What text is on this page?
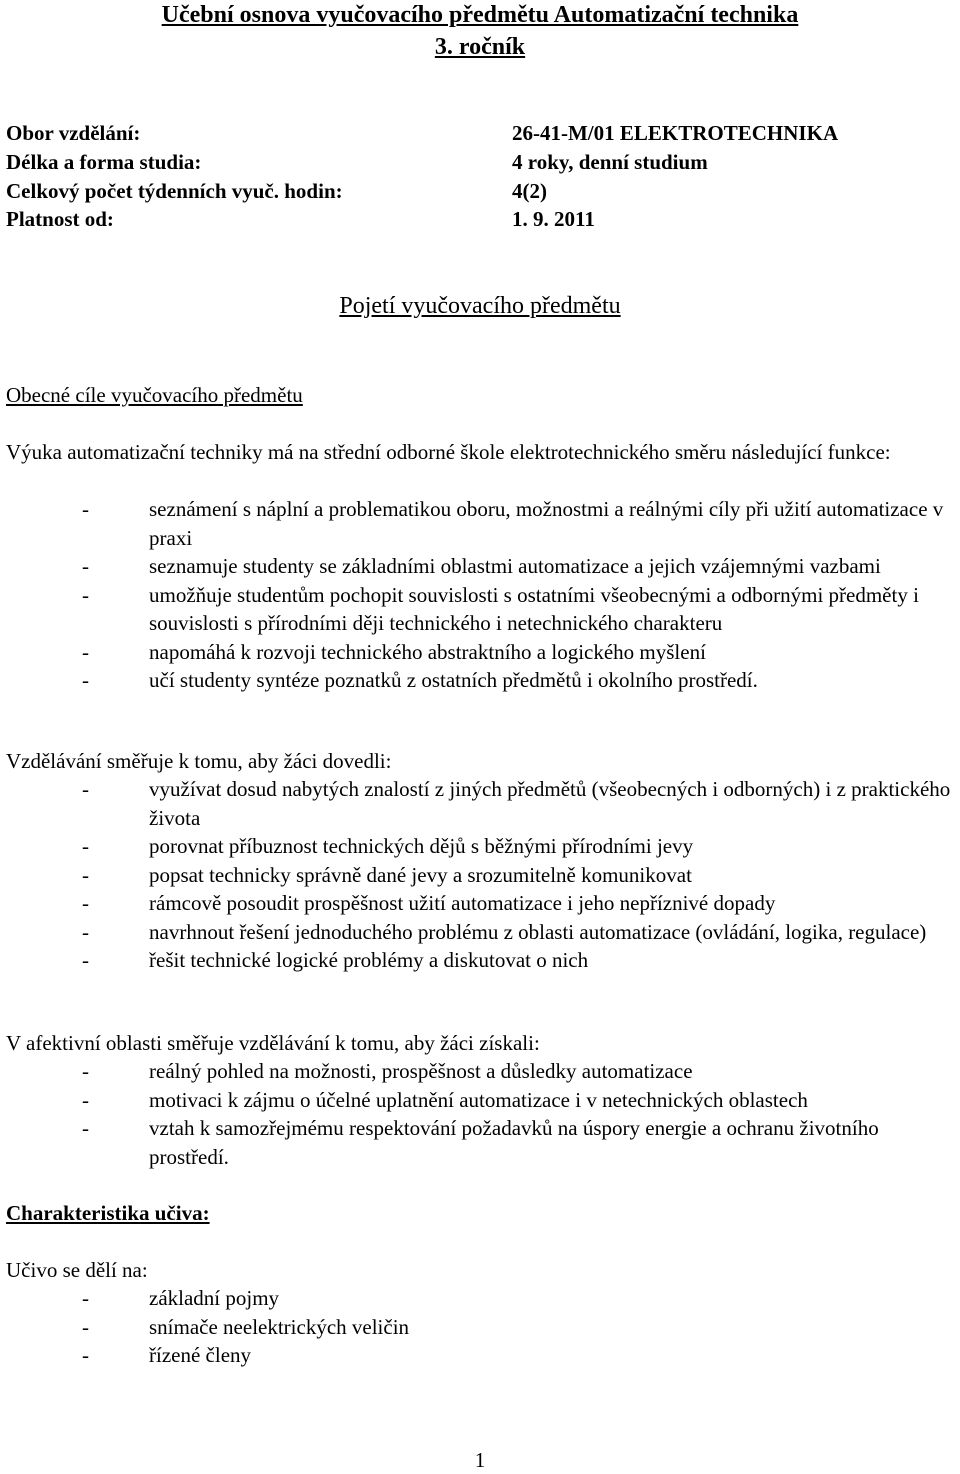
Učební osnova vyučovacího předmětu Automatizační technika
3. ročník
Obor vzdělání:	26-41-M/01 ELEKTROTECHNIKA
Délka a forma studia:	4 roky, denní studium
Celkový počet týdenních vyuč. hodin:	4(2)
Platnost od:	1. 9. 2011
Pojetí vyučovacího předmětu
Obecné cíle vyučovacího předmětu
Výuka automatizační techniky má na střední odborné škole elektrotechnického směru následující funkce:
-	seznámení s náplní a problematikou oboru, možnostmi a reálnými cíly při užití automatizace v praxi
-	seznamuje studenty se základními oblastmi automatizace a jejich vzájemnými vazbami
-	umožňuje studentům pochopit souvislosti s ostatními všeobecnými a odbornými předměty i souvislosti s přírodními ději technického i netechnického charakteru
-	napomáhá k rozvoji technického abstraktního a logického myšlení
-	učí studenty syntéze poznatků z ostatních předmětů i okolního prostředí.
Vzdělávání směřuje k tomu, aby žáci dovedli:
-	využívat dosud nabytých znalostí z jiných předmětů (všeobecných i odborných) i z praktického života
-	porovnat příbuznost technických dějů s běžnými přírodními jevy
-	popsat technicky správně dané jevy a srozumitelně komunikovat
-	rámcově posoudit prospěšnost užití automatizace i jeho nepříznivé dopady
-	navrhnout řešení jednoduchého problému z oblasti automatizace (ovládání, logika, regulace)
-	řešit technické logické problémy a diskutovat o nich
V afektivní oblasti směřuje vzdělávání k tomu, aby žáci získali:
-	reálný pohled na možnosti, prospěšnost a důsledky automatizace
-	motivaci k zájmu o účelné uplatnění automatizace i v netechnických oblastech
-	vztah k samozřejmému respektování požadavků na úspory energie a ochranu životního prostředí.
Charakteristika učiva:
Učivo se dělí na:
-	základní pojmy
-	snímače neelektrických veličin
-	řízené členy
1
